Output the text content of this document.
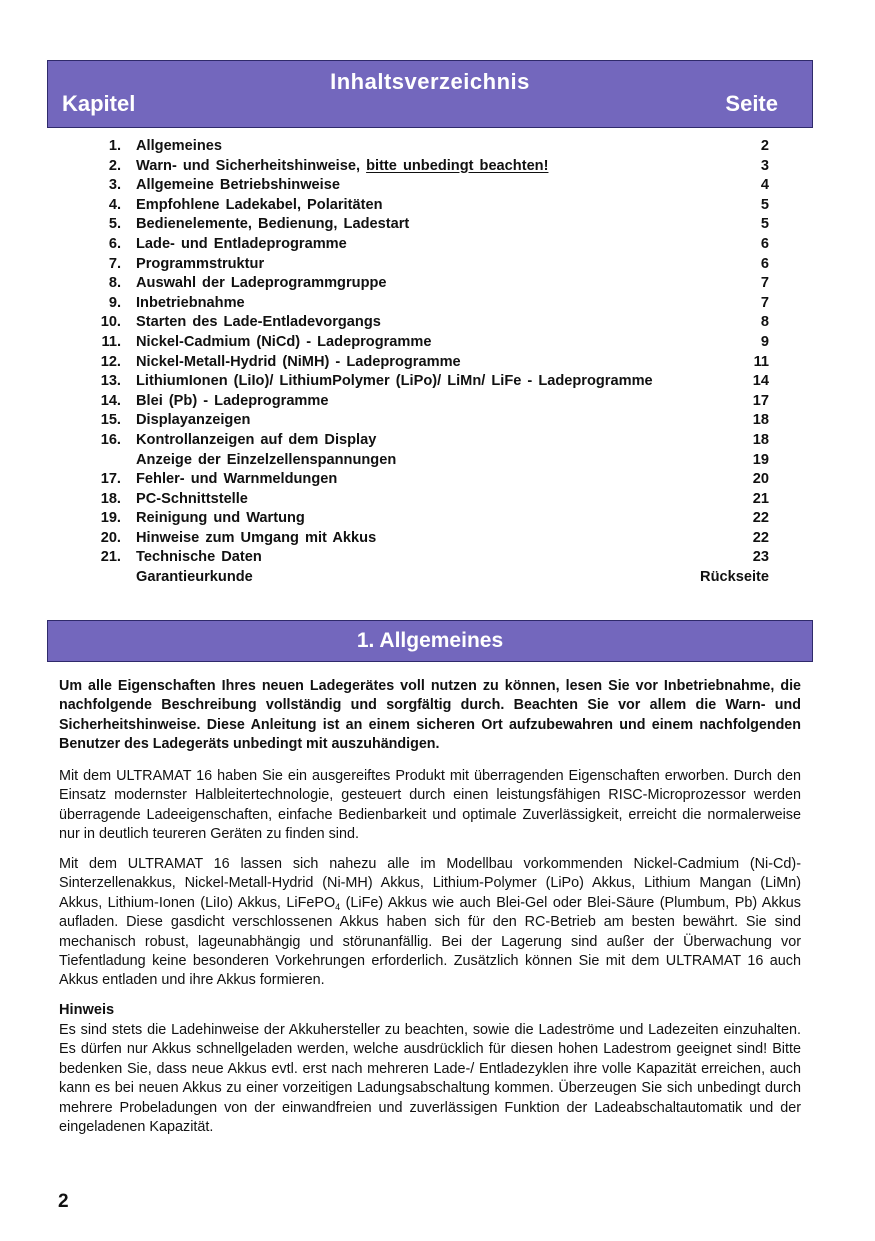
Inhaltsverzeichnis
Kapitel	Seite
1. Allgemeines	2
2. Warn- und Sicherheitshinweise, bitte unbedingt beachten!	3
3. Allgemeine Betriebshinweise	4
4. Empfohlene Ladekabel, Polaritäten	5
5. Bedienelemente, Bedienung, Ladestart	5
6. Lade- und Entladeprogramme	6
7. Programmstruktur	6
8. Auswahl der Ladeprogrammgruppe	7
9. Inbetriebnahme	7
10. Starten des Lade-Entladevorgangs	8
11. Nickel-Cadmium (NiCd) - Ladeprogramme	9
12. Nickel-Metall-Hydrid (NiMH) - Ladeprogramme	11
13. LithiumIonen (LiIo)/ LithiumPolymer (LiPo)/ LiMn/ LiFe - Ladeprogramme	14
14. Blei (Pb) - Ladeprogramme	17
15. Displayanzeigen	18
16. Kontrollanzeigen auf dem Display	18
Anzeige der Einzelzellenspannungen	19
17. Fehler- und Warnmeldungen	20
18. PC-Schnittstelle	21
19. Reinigung und Wartung	22
20. Hinweise zum Umgang mit Akkus	22
21. Technische Daten	23
Garantieurkunde	Rückseite
1. Allgemeines
Um alle Eigenschaften Ihres neuen Ladegerätes voll nutzen zu können, lesen Sie vor Inbetriebnahme, die nachfolgende Beschreibung vollständig und sorgfältig durch. Beachten Sie vor allem die Warn- und Sicherheitshinweise. Diese Anleitung ist an einem sicheren Ort aufzubewahren und einem nachfolgenden Benutzer des Ladegeräts unbedingt mit auszuhändigen.
Mit dem ULTRAMAT 16 haben Sie ein ausgereiftes Produkt mit überragenden Eigenschaften erworben. Durch den Einsatz modernster Halbleitertechnologie, gesteuert durch einen leistungsfähigen RISC-Microprozessor werden überragende Ladeeigenschaften, einfache Bedienbarkeit und optimale Zuverlässigkeit, erreicht die normalerweise nur in deutlich teureren Geräten zu finden sind.
Mit dem ULTRAMAT 16 lassen sich nahezu alle im Modellbau vorkommenden Nickel-Cadmium (Ni-Cd)-Sinterzellenakkus, Nickel-Metall-Hydrid (Ni-MH) Akkus, Lithium-Polymer (LiPo) Akkus, Lithium Mangan (LiMn) Akkus, Lithium-Ionen (LiIo) Akkus, LiFePO$_4$ (LiFe) Akkus wie auch Blei-Gel oder Blei-Säure (Plumbum, Pb) Akkus aufladen. Diese gasdicht verschlossenen Akkus haben sich für den RC-Betrieb am besten bewährt. Sie sind mechanisch robust, lageunabhängig und störunanfällig. Bei der Lagerung sind außer der Überwachung vor Tiefentladung keine besonderen Vorkehrungen erforderlich. Zusätzlich können Sie mit dem ULTRAMAT 16 auch Akkus entladen und ihre Akkus formieren.
Hinweis
Es sind stets die Ladehinweise der Akkuhersteller zu beachten, sowie die Ladeströme und Ladezeiten einzuhalten. Es dürfen nur Akkus schnellgeladen werden, welche ausdrücklich für diesen hohen Ladestrom geeignet sind! Bitte bedenken Sie, dass neue Akkus evtl. erst nach mehreren Lade-/ Entladezyklen ihre volle Kapazität erreichen, auch kann es bei neuen Akkus zu einer vorzeitigen Ladungsabschaltung kommen. Überzeugen Sie sich unbedingt durch mehrere Probeladungen von der einwandfreien und zuverlässigen Funktion der Ladeabschaltautomatik und der eingeladenen Kapazität.
2
